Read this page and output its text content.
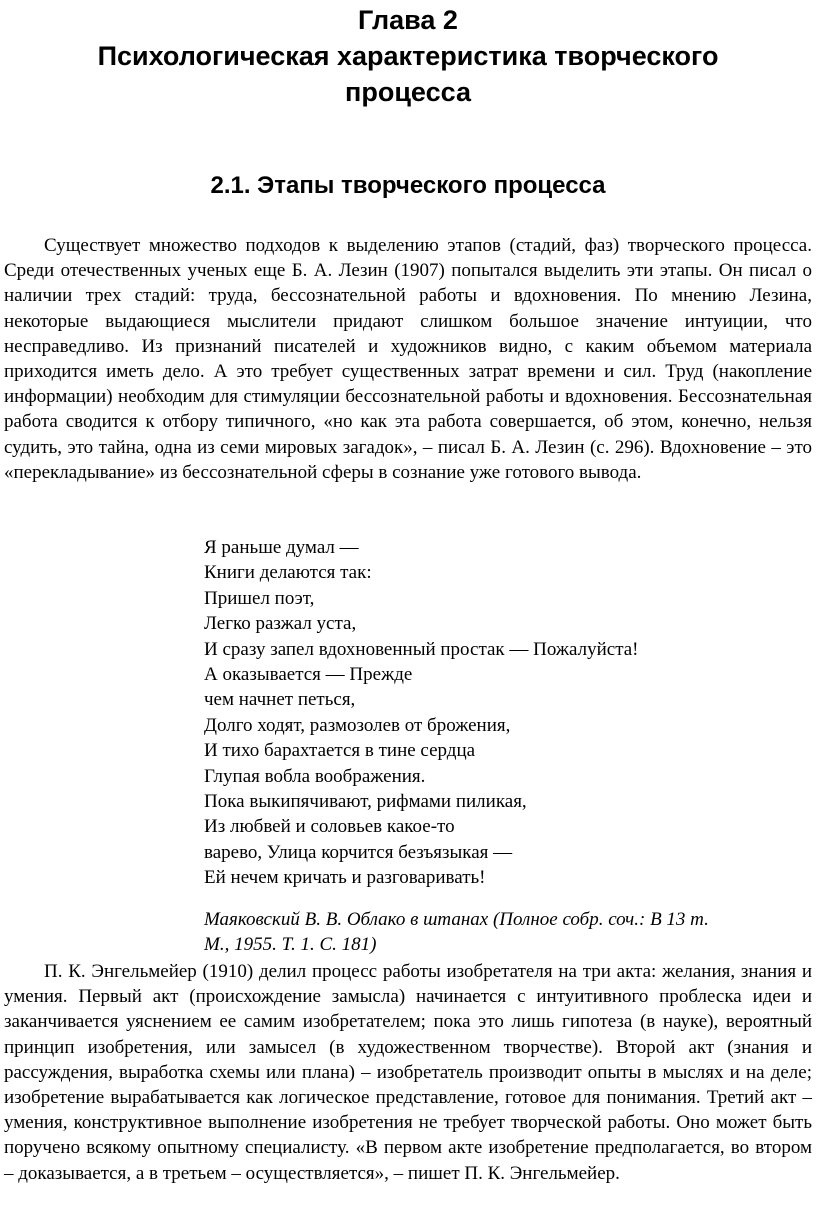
Глава 2
Психологическая характеристика творческого
процесса
2.1. Этапы творческого процесса

Существует множество подходов к выделению этапов (стадий, фаз) творческого процесса. Среди отечественных ученых еще Б. А. Лезин (1907) попытался выделить эти этапы. Он писал о наличии трех стадий: труда, бессознательной работы и вдохновения. По мнению Лезина, некоторые выдающиеся мыслители придают слишком большое значение интуиции, что несправедливо. Из признаний писателей и художников видно, с каким объемом материала приходится иметь дело. А это требует существенных затрат времени и сил. Труд (накопление информации) необходим для стимуляции бессознательной работы и вдохновения. Бессознательная работа сводится к отбору типичного, «но как эта работа совершается, об этом, конечно, нельзя судить, это тайна, одна из семи мировых загадок», – писал Б. А. Лезин (с. 296). Вдохновение – это «перекладывание» из бессознательной сферы в сознание уже готового вывода.

Я раньше думал —
Книги делаются так:
Пришел поэт,
Легко разжал уста,
И сразу запел вдохновенный простак — Пожалуйста!
А оказывается — Прежде
чем начнет петься,
Долго ходят, размозолев от брожения,
И тихо барахтается в тине сердца
Глупая вобла воображения.
Пока выкипячивают, рифмами пиликая,
Из любвей и соловьев какое-то
варево, Улица корчится безъязыкая —
Ей нечем кричать и разговаривать!
Маяковский В. В. Облако в штанах (Полное собр. соч.: В 13 т.
М., 1955. Т. 1. С. 181)

П. К. Энгельмейер (1910) делил процесс работы изобретателя на три акта: желания, знания и умения. Первый акт (происхождение замысла) начинается с интуитивного проблеска идеи и заканчивается уяснением ее самим изобретателем; пока это лишь гипотеза (в науке), вероятный принцип изобретения, или замысел (в художественном творчестве). Второй акт (знания и рассуждения, выработка схемы или плана) – изобретатель производит опыты в мыслях и на деле; изобретение вырабатывается как логическое представление, готовое для понимания. Третий акт – умения, конструктивное выполнение изобретения не требует творческой работы. Оно может быть поручено всякому опытному специалисту. «В первом акте изобретение предполагается, во втором – доказывается, а в третьем – осуществляется», – пишет П. К. Энгельмейер.
